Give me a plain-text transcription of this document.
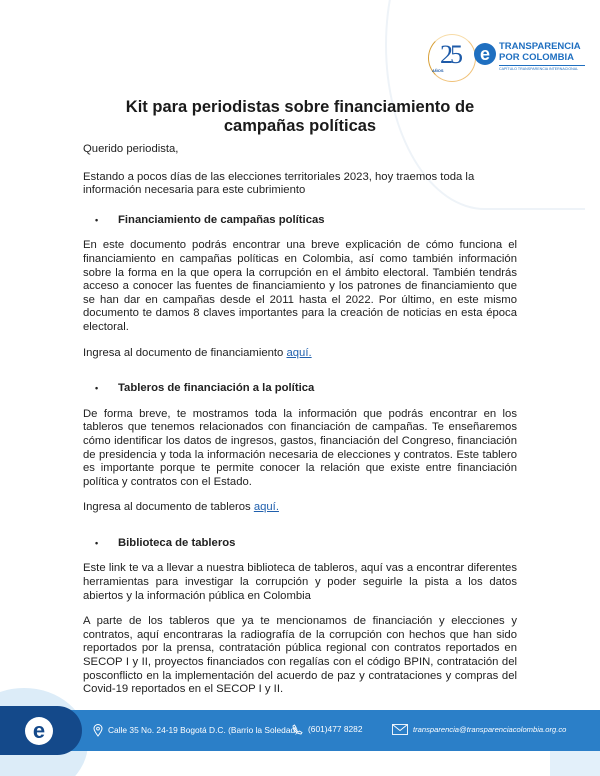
25
AÑOS
e TRANSPARENCIA
POR COLOMBIA
CAPÍTULO TRANSPARENCIA INTERNACIONAL
Kit para periodistas sobre financiamiento de campañas políticas

Querido periodista,

Estando a pocos días de las elecciones territoriales 2023, hoy traemos toda la información necesaria para este cubrimiento

•	Financiamiento de campañas políticas

En este documento podrás encontrar una breve explicación de cómo funciona el financiamiento en campañas políticas en Colombia, así como también información sobre la forma en la que opera la corrupción en el ámbito electoral. También tendrás acceso a conocer las fuentes de financiamiento y los patrones de financiamiento que se han dar en campañas desde el 2011 hasta el 2022. Por último, en este mismo documento te damos 8 claves importantes para la creación de noticias en esta época electoral.

Ingresa al documento de financiamiento aquí.

•	Tableros de financiación a la política

De forma breve, te mostramos toda la información que podrás encontrar en los tableros que tenemos relacionados con financiación de campañas. Te enseñaremos cómo identificar los datos de ingresos, gastos, financiación del Congreso, financiación de presidencia y toda la información necesaria de elecciones y contratos. Este tablero es importante porque te permite conocer la relación que existe entre financiación política y contratos con el Estado.

Ingresa al documento de tableros aquí.

•	Biblioteca de tableros

Este link te va a llevar a nuestra biblioteca de tableros, aquí vas a encontrar diferentes herramientas para investigar la corrupción y poder seguirle la pista a los datos abiertos y la información pública en Colombia

A parte de los tableros que ya te mencionamos de financiación y elecciones y contratos, aquí encontraras la radiografía de la corrupción con hechos que han sido reportados por la prensa, contratación pública regional con contratos reportados en SECOP I y II, proyectos financiados con regalías con el código BPIN, contratación del posconflicto en la implementación del acuerdo de paz y contrataciones y compras del Covid-19 reportados en el SECOP I y II.

e	Calle 35 No. 24-19 Bogotá D.C. (Barrio la Soledad) (601)477 8282	transparencia@transparenciacolombia.org.co
